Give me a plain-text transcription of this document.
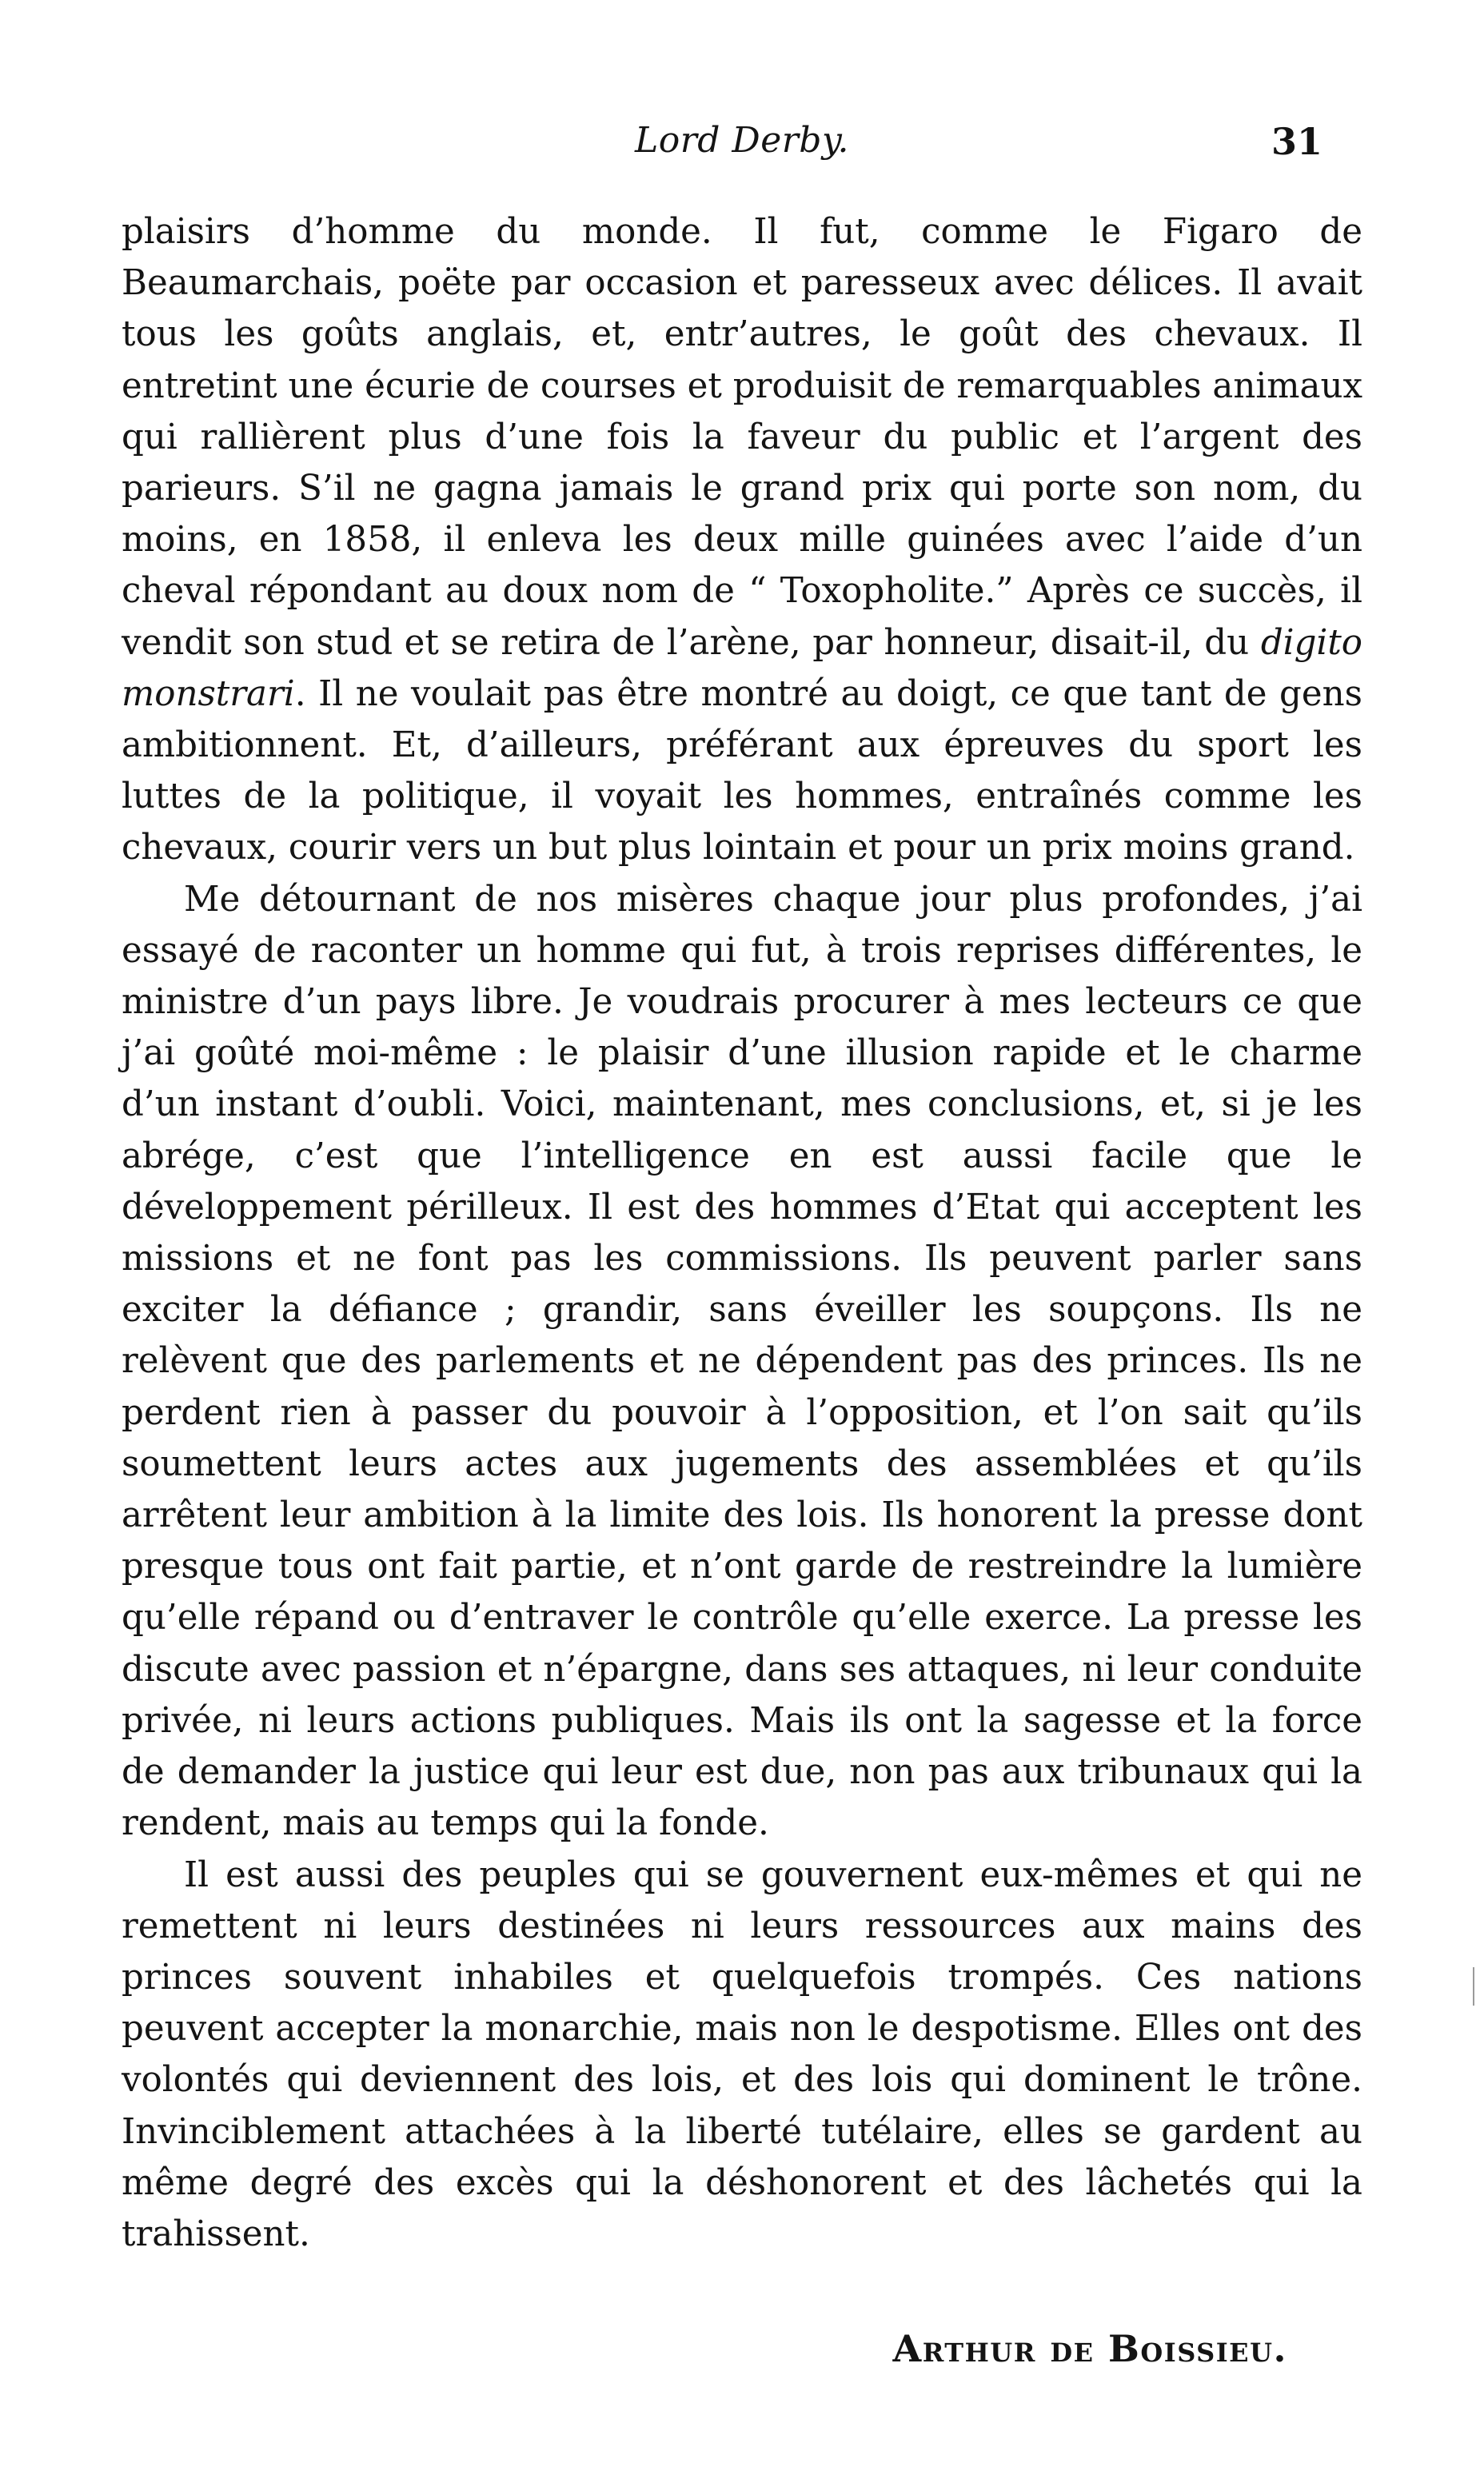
Lord Derby.	31

plaisirs d’homme du monde. Il fut, comme le Figaro de Beaumarchais, poëte par occasion et paresseux avec délices. Il avait tous les goûts anglais, et, entr’autres, le goût des chevaux. Il entretint une écurie de courses et produisit de remarquables animaux qui rallièrent plus d’une fois la faveur du public et l’argent des parieurs. S’il ne gagna jamais le grand prix qui porte son nom, du moins, en 1858, il enleva les deux mille guinées avec l’aide d’un cheval répondant au doux nom de “ Toxopholite.” Après ce succès, il vendit son stud et se retira de l’arène, par honneur, disait-il, du digito monstrari. Il ne voulait pas être montré au doigt, ce que tant de gens ambitionnent. Et, d’ailleurs, préférant aux épreuves du sport les luttes de la politique, il voyait les hommes, entraînés comme les chevaux, courir vers un but plus lointain et pour un prix moins grand.

Me détournant de nos misères chaque jour plus profondes, j’ai essayé de raconter un homme qui fut, à trois reprises différentes, le ministre d’un pays libre. Je voudrais procurer à mes lecteurs ce que j’ai goûté moi-même : le plaisir d’une illusion rapide et le charme d’un instant d’oubli. Voici, maintenant, mes conclusions, et, si je les abrége, c’est que l’intelligence en est aussi facile que le développement périlleux. Il est des hommes d’Etat qui acceptent les missions et ne font pas les commissions. Ils peuvent parler sans exciter la défiance ; grandir, sans éveiller les soupçons. Ils ne relèvent que des parlements et ne dépendent pas des princes. Ils ne perdent rien à passer du pouvoir à l’opposition, et l’on sait qu’ils soumettent leurs actes aux jugements des assemblées et qu’ils arrêtent leur ambition à la limite des lois. Ils honorent la presse dont presque tous ont fait partie, et n’ont garde de restreindre la lumière qu’elle répand ou d’entraver le contrôle qu’elle exerce. La presse les discute avec passion et n’épargne, dans ses attaques, ni leur conduite privée, ni leurs actions publiques. Mais ils ont la sagesse et la force de demander la justice qui leur est due, non pas aux tribunaux qui la rendent, mais au temps qui la fonde.

Il est aussi des peuples qui se gouvernent eux-mêmes et qui ne remettent ni leurs destinées ni leurs ressources aux mains des princes souvent inhabiles et quelquefois trompés. Ces nations peuvent accepter la monarchie, mais non le despotisme. Elles ont des volontés qui deviennent des lois, et des lois qui dominent le trône. Invinciblement attachées à la liberté tutélaire, elles se gardent au même degré des excès qui la déshonorent et des lâchetés qui la trahissent.

Arthur de Boissieu.
